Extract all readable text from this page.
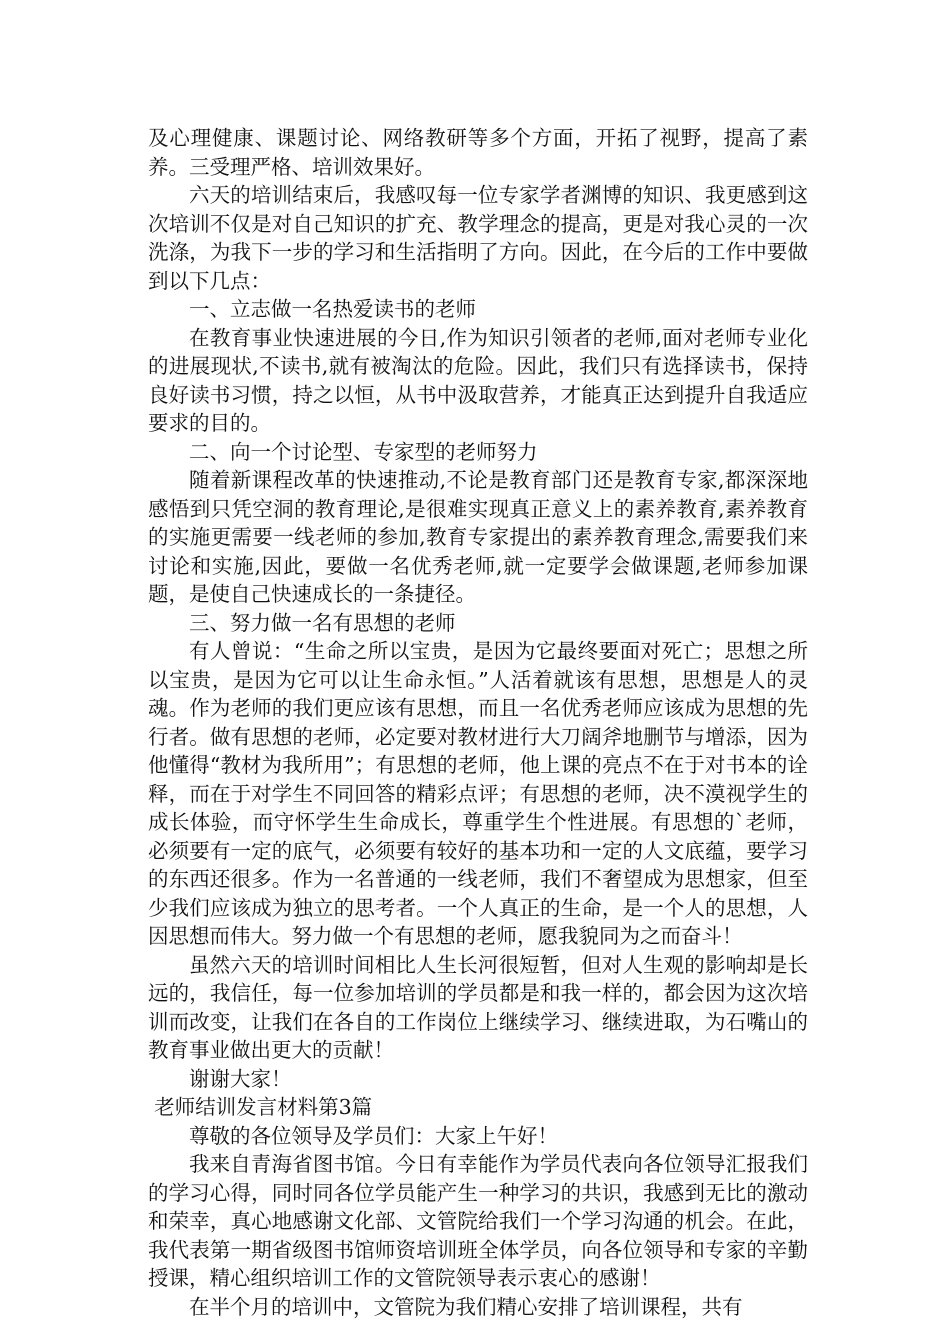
及心理健康、课题讨论、网络教研等多个方面，开拓了视野，提高了素养。三受理严格、培训效果好。

六天的培训结束后，我感叹每一位专家学者渊博的知识、我更感到这次培训不仅是对自己知识的扩充、教学理念的提高，更是对我心灵的一次洗涤，为我下一步的学习和生活指明了方向。因此，在今后的工作中要做到以下几点：

一、立志做一名热爱读书的老师

在教育事业快速进展的今日,作为知识引领者的老师,面对老师专业化的进展现状,不读书,就有被淘汰的危险。因此，我们只有选择读书，保持良好读书习惯，持之以恒，从书中汲取营养，才能真正达到提升自我适应要求的目的。

二、向一个讨论型、专家型的老师努力

随着新课程改革的快速推动,不论是教育部门还是教育专家,都深深地感悟到只凭空洞的教育理论,是很难实现真正意义上的素养教育,素养教育的实施更需要一线老师的参加,教育专家提出的素养教育理念,需要我们来讨论和实施,因此，要做一名优秀老师,就一定要学会做课题,老师参加课题，是使自己快速成长的一条捷径。

三、努力做一名有思想的老师

有人曾说：“生命之所以宝贵，是因为它最终要面对死亡；思想之所以宝贵，是因为它可以让生命永恒。”人活着就该有思想，思想是人的灵魂。作为老师的我们更应该有思想，而且一名优秀老师应该成为思想的先行者。做有思想的老师，必定要对教材进行大刀阔斧地删节与增添，因为他懂得“教材为我所用”；有思想的老师，他上课的亮点不在于对书本的诠释，而在于对学生不同回答的精彩点评；有思想的老师，决不漠视学生的成长体验，而守怀学生生命成长，尊重学生个性进展。有思想的`老师，必须要有一定的底气，必须要有较好的基本功和一定的人文底蕴，要学习的东西还很多。作为一名普通的一线老师，我们不奢望成为思想家，但至少我们应该成为独立的思考者。一个人真正的生命，是一个人的思想，人因思想而伟大。努力做一个有思想的老师，愿我貌同为之而奋斗！

虽然六天的培训时间相比人生长河很短暂，但对人生观的影响却是长远的，我信任，每一位参加培训的学员都是和我一样的，都会因为这次培训而改变，让我们在各自的工作岗位上继续学习、继续进取，为石嘴山的教育事业做出更大的贡献！

谢谢大家！

老师结训发言材料第3篇

尊敬的各位领导及学员们：大家上午好！

我来自青海省图书馆。今日有幸能作为学员代表向各位领导汇报我们的学习心得，同时同各位学员能产生一种学习的共识，我感到无比的激动和荣幸，真心地感谢文化部、文管院给我们一个学习沟通的机会。在此，我代表第一期省级图书馆师资培训班全体学员，向各位领导和专家的辛勤授课，精心组织培训工作的文管院领导表示衷心的感谢！

在半个月的培训中，文管院为我们精心安排了培训课程，共有
